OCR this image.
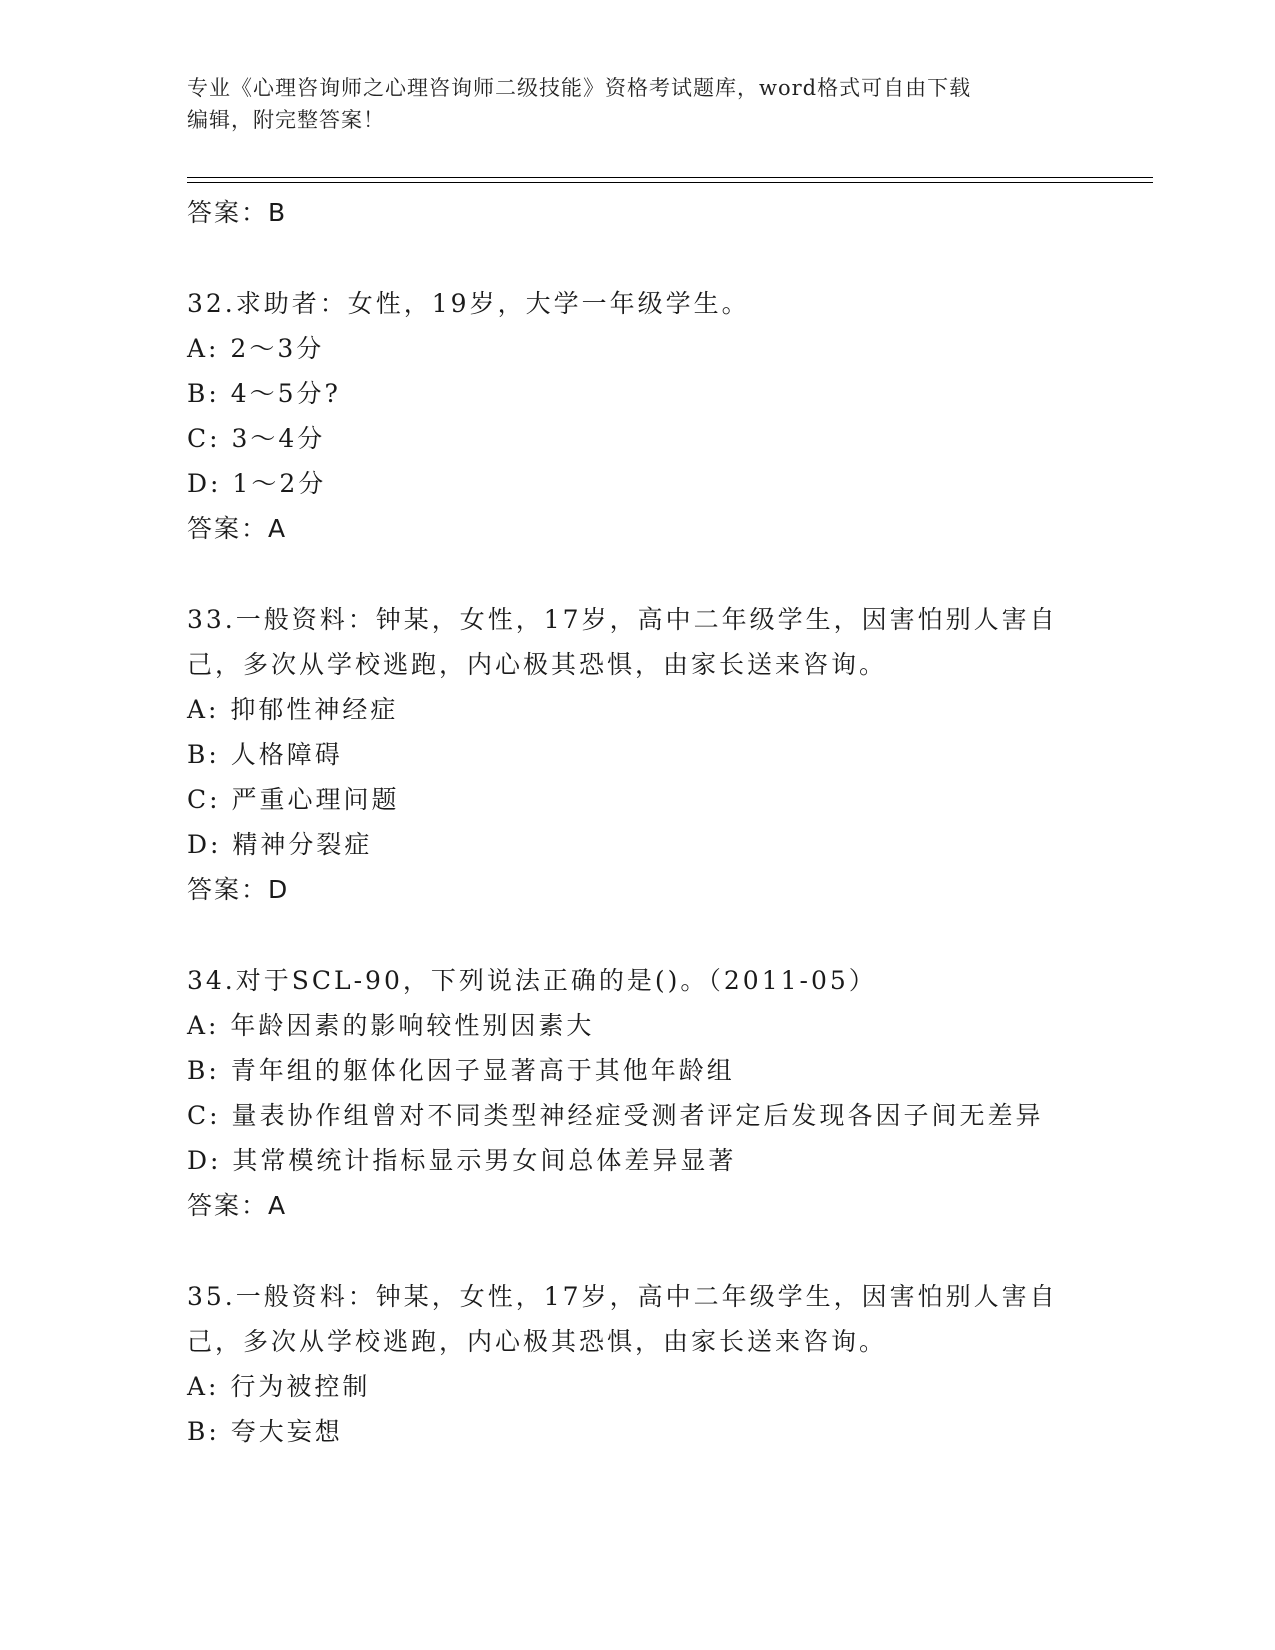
专业《心理咨询师之心理咨询师二级技能》资格考试题库，word格式可自由下载
编辑，附完整答案！
答案：B
32.求助者：女性，19岁，大学一年级学生。
A: 2～3分
B: 4～5分?
C: 3～4分
D: 1～2分
答案：A
33.一般资料：钟某，女性，17岁，高中二年级学生，因害怕别人害自
己，多次从学校逃跑，内心极其恐惧，由家长送来咨询。
A: 抑郁性神经症
B: 人格障碍
C: 严重心理问题
D: 精神分裂症
答案：D
34.对于SCL-90，下列说法正确的是()。（2011-05）
A: 年龄因素的影响较性别因素大
B: 青年组的躯体化因子显著高于其他年龄组
C: 量表协作组曾对不同类型神经症受测者评定后发现各因子间无差异
D: 其常模统计指标显示男女间总体差异显著
答案：A
35.一般资料：钟某，女性，17岁，高中二年级学生，因害怕别人害自
己，多次从学校逃跑，内心极其恐惧，由家长送来咨询。
A: 行为被控制
B: 夸大妄想
